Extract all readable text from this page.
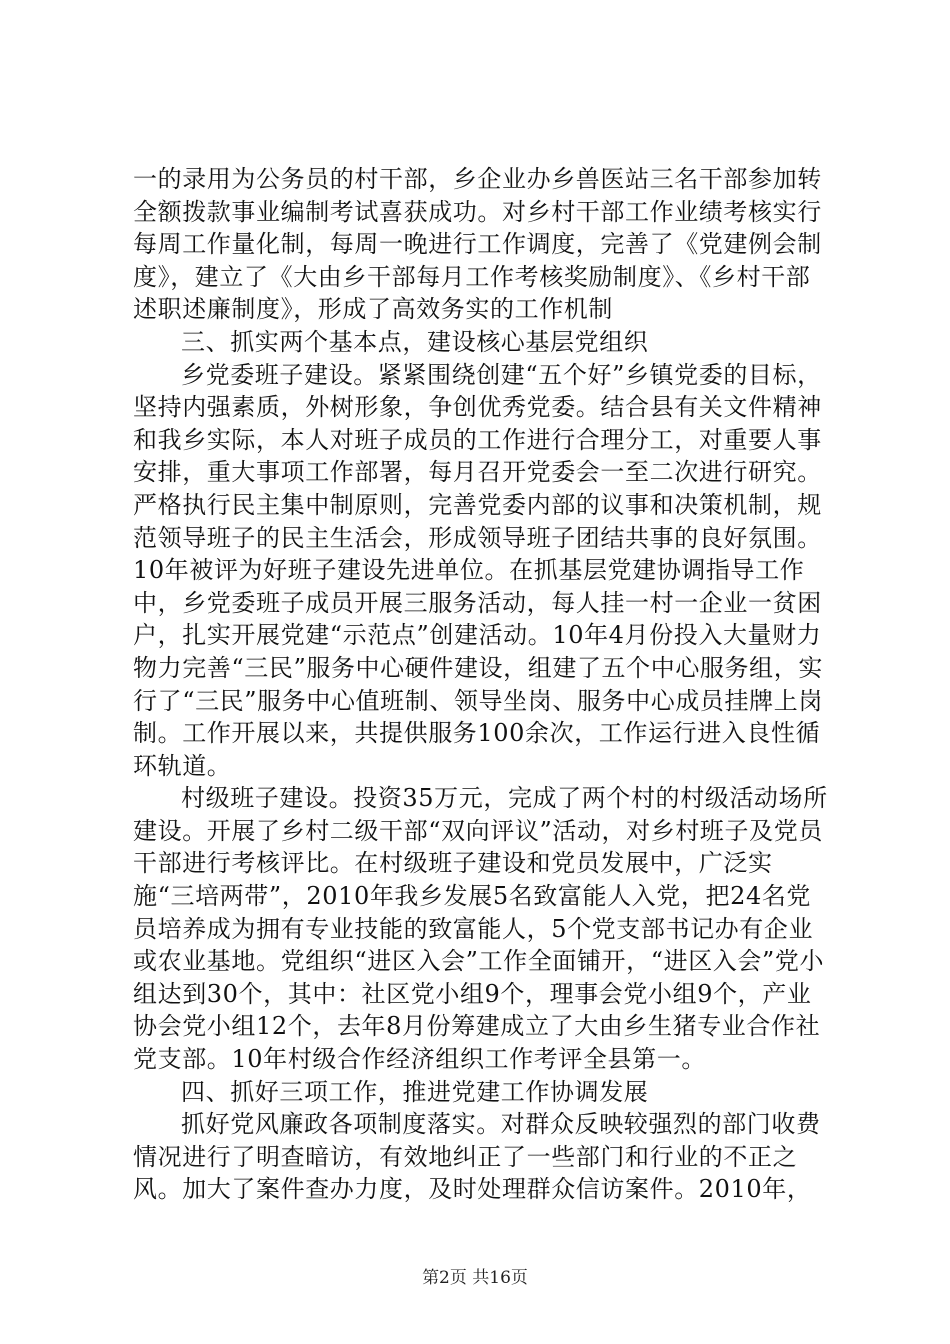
一的录用为公务员的村干部，乡企业办乡兽医站三名干部参加转全额拨款事业编制考试喜获成功。对乡村干部工作业绩考核实行每周工作量化制，每周一晚进行工作调度，完善了《党建例会制度》，建立了《大由乡干部每月工作考核奖励制度》、《乡村干部述职述廉制度》，形成了高效务实的工作机制

三、抓实两个基本点，建设核心基层党组织

乡党委班子建设。紧紧围绕创建“五个好”乡镇党委的目标，坚持内强素质，外树形象，争创优秀党委。结合县有关文件精神和我乡实际，本人对班子成员的工作进行合理分工，对重要人事安排，重大事项工作部署，每月召开党委会一至二次进行研究。严格执行民主集中制原则，完善党委内部的议事和决策机制，规范领导班子的民主生活会，形成领导班子团结共事的良好氛围。10年被评为好班子建设先进单位。在抓基层党建协调指导工作中，乡党委班子成员开展三服务活动，每人挂一村一企业一贫困户，扎实开展党建“示范点”创建活动。10年4月份投入大量财力物力完善“三民”服务中心硬件建设，组建了五个中心服务组，实行了“三民”服务中心值班制、领导坐岗、服务中心成员挂牌上岗制。工作开展以来，共提供服务100余次，工作运行进入良性循环轨道。

村级班子建设。投资35万元，完成了两个村的村级活动场所建设。开展了乡村二级干部“双向评议”活动，对乡村班子及党员干部进行考核评比。在村级班子建设和党员发展中，广泛实施“三培两带”，2010年我乡发展5名致富能人入党，把24名党员培养成为拥有专业技能的致富能人，5个党支部书记办有企业或农业基地。党组织“进区入会”工作全面铺开，“进区入会”党小组达到30个，其中：社区党小组9个，理事会党小组9个，产业协会党小组12个，去年8月份筹建成立了大由乡生猪专业合作社党支部。10年村级合作经济组织工作考评全县第一。

四、抓好三项工作，推进党建工作协调发展

抓好党风廉政各项制度落实。对群众反映较强烈的部门收费情况进行了明查暗访，有效地纠正了一些部门和行业的不正之风。加大了案件查办力度，及时处理群众信访案件。2010年，

第2页 共16页
